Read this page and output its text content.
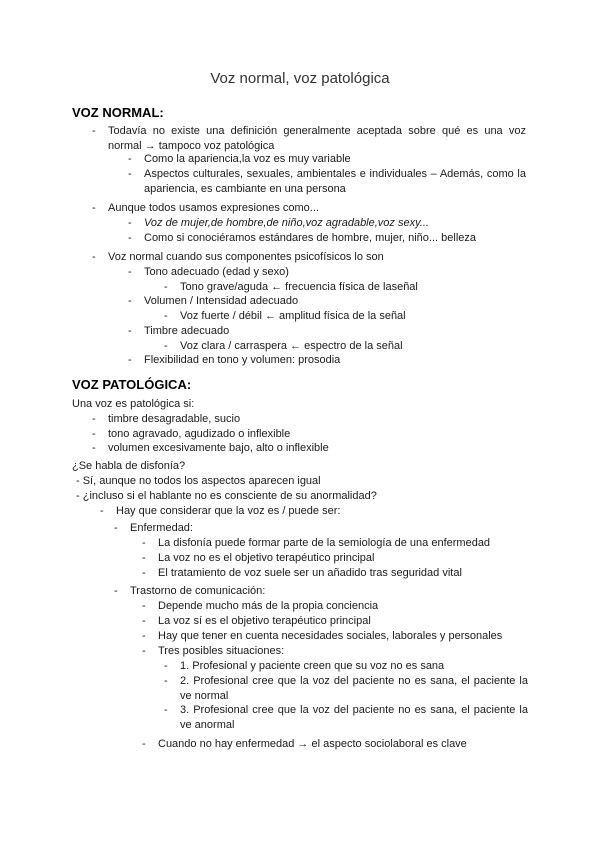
Voz normal, voz patológica
VOZ NORMAL:
- Todavía no existe una definición generalmente aceptada sobre qué es una voz normal → tampoco voz patológica
- Como la apariencia,la voz es muy variable
- Aspectos culturales, sexuales, ambientales e individuales – Además, como la apariencia, es cambiante en una persona
- Aunque todos usamos expresiones como...
- Voz de mujer,de hombre,de niño,voz agradable,voz sexy...
- Como si conociéramos estándares de hombre, mujer, niño... belleza
- Voz normal cuando sus componentes psicofísicos lo son
- Tono adecuado (edad y sexo)
- Tono grave/aguda ← frecuencia física de laseñal
- Volumen / Intensidad adecuado
- Voz fuerte / débil ← amplitud física de la señal
- Timbre adecuado
- Voz clara / carraspera ← espectro de la señal
- Flexibilidad en tono y volumen: prosodia
VOZ PATOLÓGICA:
Una voz es patológica si:
- timbre desagradable, sucio
- tono agravado, agudizado o inflexible
- volumen excesivamente bajo, alto o inflexible
¿Se habla de disfonía?
- Sí, aunque no todos los aspectos aparecen igual
- ¿incluso si el hablante no es consciente de su anormalidad?
- Hay que considerar que la voz es / puede ser:
- Enfermedad:
- La disfonía puede formar parte de la semiología de una enfermedad
- La voz no es el objetivo terapéutico principal
- El tratamiento de voz suele ser un añadido tras seguridad vital
- Trastorno de comunicación:
- Depende mucho más de la propia conciencia
- La voz sí es el objetivo terapéutico principal
- Hay que tener en cuenta necesidades sociales, laborales y personales
- Tres posibles situaciones:
- 1. Profesional y paciente creen que su voz no es sana
- 2. Profesional cree que la voz del paciente no es sana, el paciente la ve normal
- 3. Profesional cree que la voz del paciente no es sana, el paciente la ve anormal
- Cuando no hay enfermedad → el aspecto sociolaboral es clave
